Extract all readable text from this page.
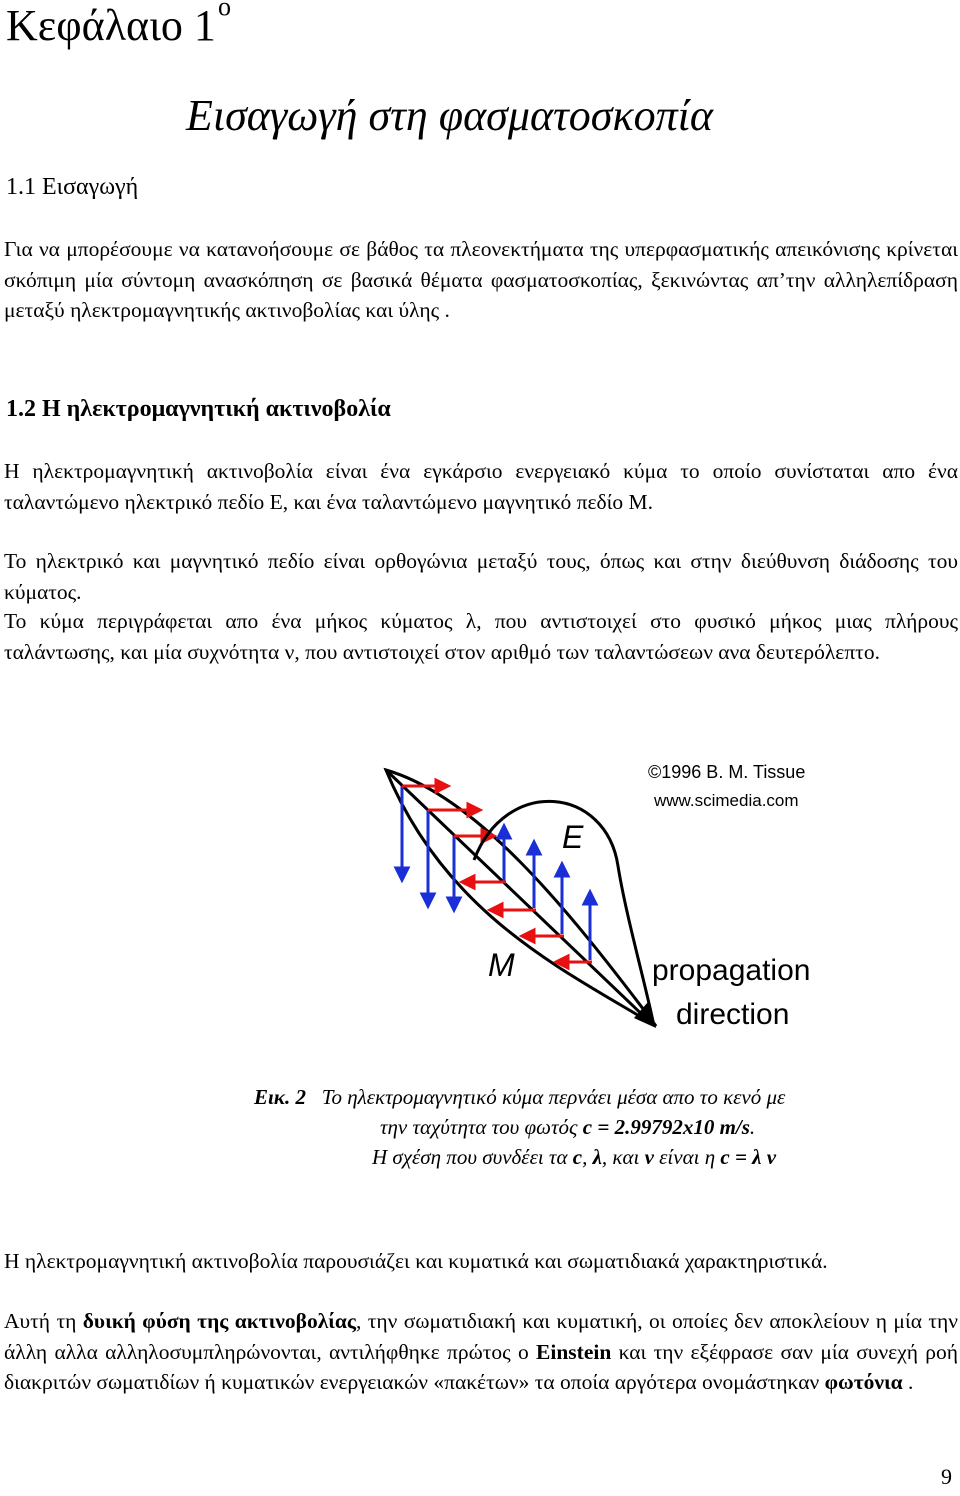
Κεφάλαιο $1^o$
Εισαγωγή στη φασματοσκοπία
1.1 Εισαγωγή

Για να μπορέσουμε να κατανοήσουμε σε βάθος τα πλεονεκτήματα της υπερφασματικής απεικόνισης κρίνεται σκόπιμη μία σύντομη ανασκόπηση σε βασικά θέματα φασματοσκοπίας, ξεκινώντας απ’την αλληλεπίδραση μεταξύ ηλεκτρομαγνητικής ακτινοβολίας και ύλης .

1.2 Η ηλεκτρομαγνητική ακτινοβολία

Η ηλεκτρομαγνητική ακτινοβολία είναι ένα εγκάρσιο ενεργειακό κύμα το οποίο συνίσταται απο ένα ταλαντώμενο ηλεκτρικό πεδίο Ε, και ένα ταλαντώμενο μαγνητικό πεδίο Μ.

Το ηλεκτρικό και μαγνητικό πεδίο είναι ορθογώνια μεταξύ τους, όπως και στην διεύθυνση διάδοσης του κύματος.

Το κύμα περιγράφεται απο ένα μήκος κύματος λ, που αντιστοιχεί στο φυσικό μήκος μιας πλήρους ταλάντωσης, και μία συχνότητα ν, που αντιστοιχεί στον αριθμό των ταλαντώσεων ανα δευτερόλεπτο.

©1996 B. M. Tissue
www.scimedia.com
E
M	propagation
direction
Εικ. 2 Το ηλεκτρομαγνητικό κύμα περνάει μέσα απο το κενό με
την ταχύτητα του φωτός c = 2.99792x10 m/s.
Η σχέση που συνδέει τα c, λ, και ν είναι η c = λ ν

Η ηλεκτρομαγνητική ακτινοβολία παρουσιάζει και κυματικά και σωματιδιακά χαρακτηριστικά.

Αυτή τη δυική φύση της ακτινοβολίας, την σωματιδιακή και κυματική, οι οποίες δεν αποκλείουν η μία την άλλη αλλα αλληλοσυμπληρώνονται, αντιλήφθηκε πρώτος ο Einstein και την εξέφρασε σαν μία συνεχή ροή διακριτών σωματιδίων ή κυματικών ενεργειακών «πακέτων» τα οποία αργότερα ονομάστηκαν φωτόνια .

9
